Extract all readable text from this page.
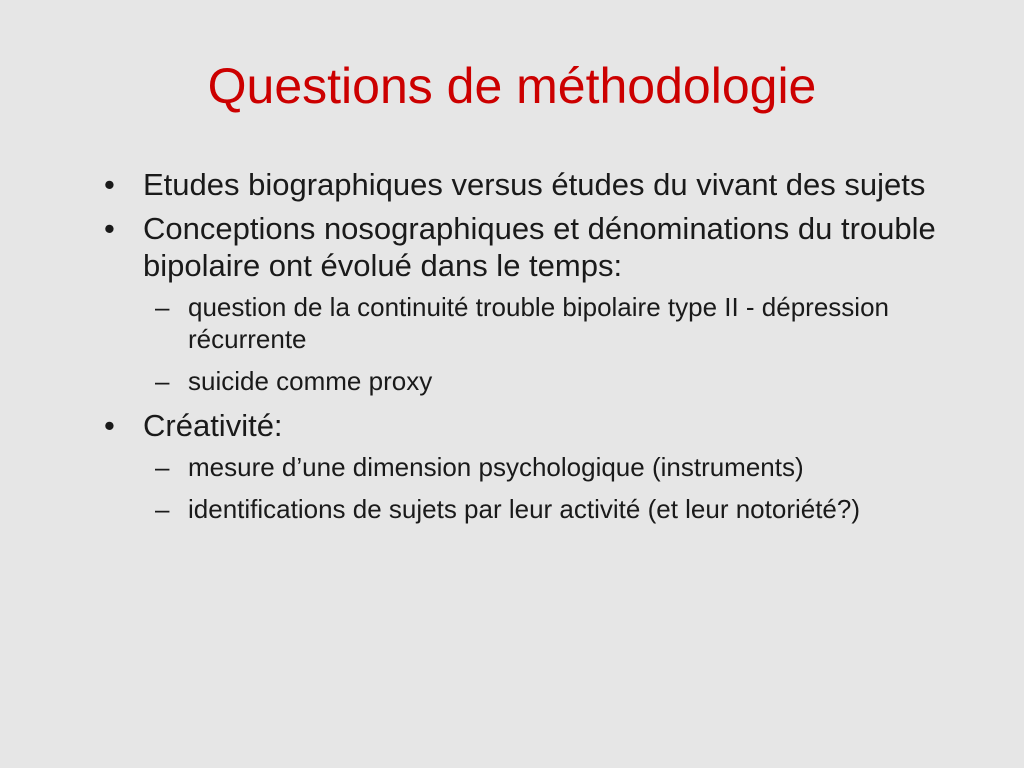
Questions de méthodologie
• Etudes biographiques versus études du vivant des sujets
• Conceptions nosographiques et dénominations du trouble bipolaire ont évolué dans le temps:
– question de la continuité trouble bipolaire type II - dépression récurrente
– suicide comme proxy
• Créativité:
– mesure d’une dimension psychologique (instruments)
– identifications de sujets par leur activité (et leur notoriété?)
